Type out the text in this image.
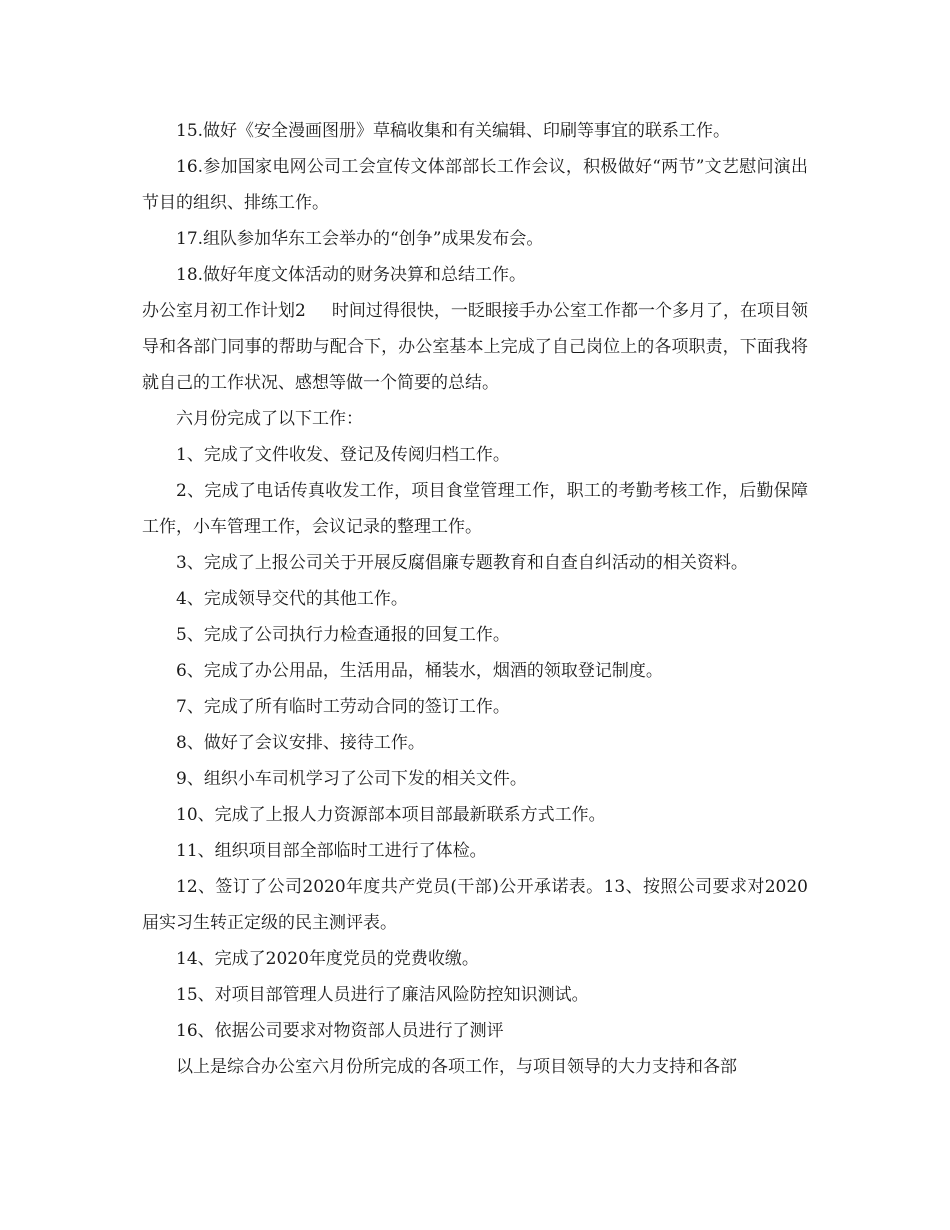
15.做好《安全漫画图册》草稿收集和有关编辑、印刷等事宜的联系工作。

16.参加国家电网公司工会宣传文体部部长工作会议，积极做好“两节”文艺慰问演出节目的组织、排练工作。

17.组队参加华东工会举办的“创争”成果发布会。

18.做好年度文体活动的财务决算和总结工作。

办公室月初工作计划2 时间过得很快，一眨眼接手办公室工作都一个多月了，在项目领导和各部门同事的帮助与配合下，办公室基本上完成了自己岗位上的各项职责，下面我将就自己的工作状况、感想等做一个简要的总结。

六月份完成了以下工作：

1、完成了文件收发、登记及传阅归档工作。

2、完成了电话传真收发工作，项目食堂管理工作，职工的考勤考核工作，后勤保障工作，小车管理工作，会议记录的整理工作。

3、完成了上报公司关于开展反腐倡廉专题教育和自查自纠活动的相关资料。

4、完成领导交代的其他工作。

5、完成了公司执行力检查通报的回复工作。

6、完成了办公用品，生活用品，桶装水，烟酒的领取登记制度。

7、完成了所有临时工劳动合同的签订工作。

8、做好了会议安排、接待工作。

9、组织小车司机学习了公司下发的相关文件。

10、完成了上报人力资源部本项目部最新联系方式工作。

11、组织项目部全部临时工进行了体检。

12、签订了公司2020年度共产党员(干部)公开承诺表。13、按照公司要求对2020届实习生转正定级的民主测评表。

14、完成了2020年度党员的党费收缴。

15、对项目部管理人员进行了廉洁风险防控知识测试。

16、依据公司要求对物资部人员进行了测评

以上是综合办公室六月份所完成的各项工作，与项目领导的大力支持和各部
